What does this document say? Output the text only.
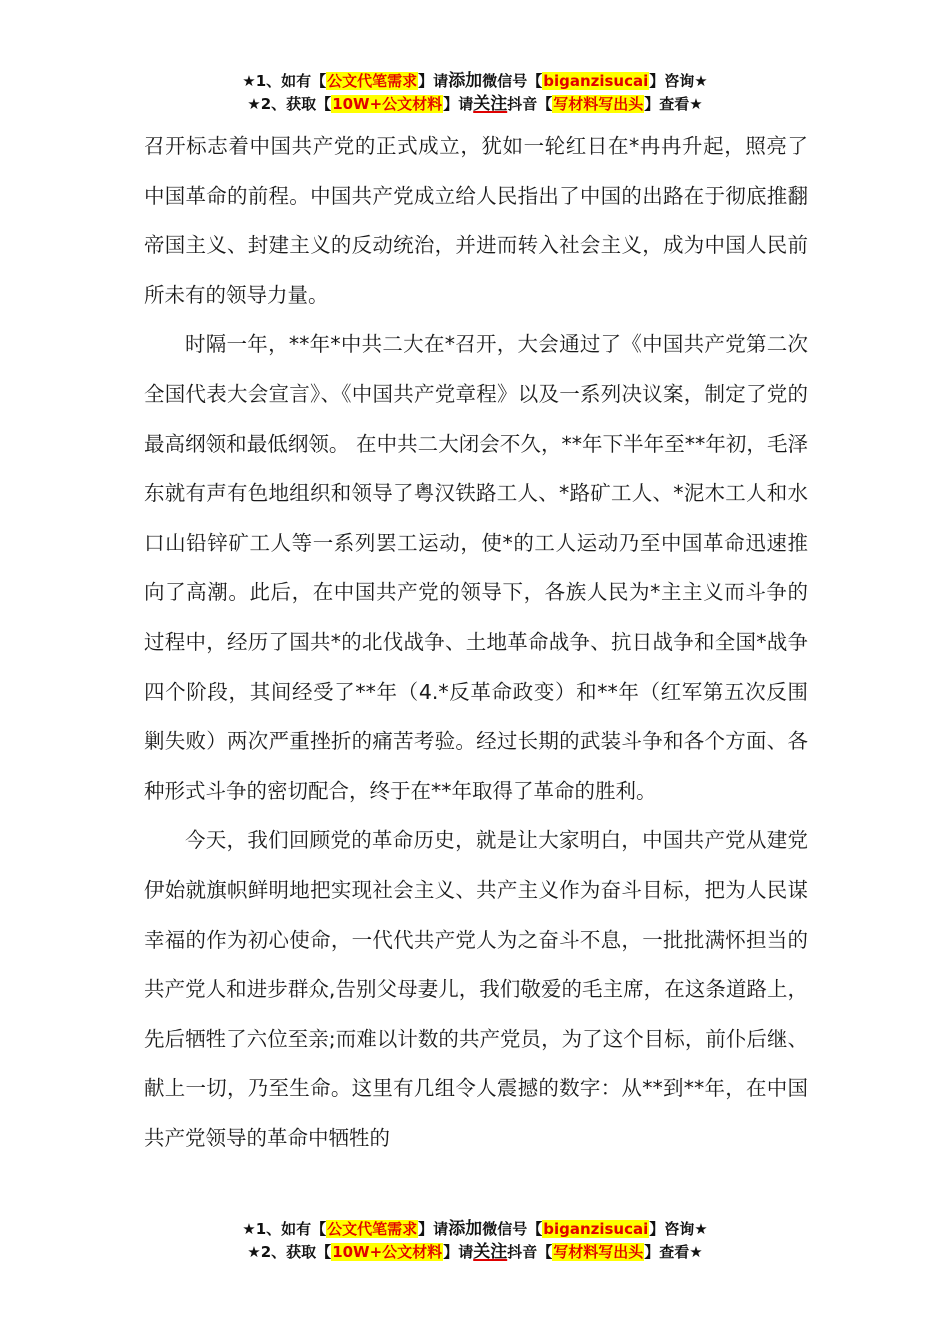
★1、如有【公文代笔需求】请添加微信号【biganzisucai】咨询★
★2、获取【10W+公文材料】请关注抖音【写材料写出头】查看★

召开标志着中国共产党的正式成立，犹如一轮红日在*冉冉升起，照亮了中国革命的前程。中国共产党成立给人民指出了中国的出路在于彻底推翻帝国主义、封建主义的反动统治，并进而转入社会主义，成为中国人民前所未有的领导力量。

时隔一年，**年*中共二大在*召开，大会通过了《中国共产党第二次全国代表大会宣言》、《中国共产党章程》以及一系列决议案，制定了党的最高纲领和最低纲领。 在中共二大闭会不久，**年下半年至**年初，毛泽东就有声有色地组织和领导了粤汉铁路工人、*路矿工人、*泥木工人和水口山铅锌矿工人等一系列罢工运动，使*的工人运动乃至中国革命迅速推向了高潮。此后，在中国共产党的领导下，各族人民为*主主义而斗争的过程中，经历了国共*的北伐战争、土地革命战争、抗日战争和全国*战争四个阶段，其间经受了**年（4.*反革命政变）和**年（红军第五次反围剿失败）两次严重挫折的痛苦考验。经过长期的武装斗争和各个方面、各种形式斗争的密切配合，终于在**年取得了革命的胜利。

今天，我们回顾党的革命历史，就是让大家明白，中国共产党从建党伊始就旗帜鲜明地把实现社会主义、共产主义作为奋斗目标，把为人民谋幸福的作为初心使命，一代代共产党人为之奋斗不息，一批批满怀担当的共产党人和进步群众,告别父母妻儿，我们敬爱的毛主席，在这条道路上，先后牺牲了六位至亲;而难以计数的共产党员，为了这个目标，前仆后继、献上一切，乃至生命。这里有几组令人震撼的数字：从**到**年，在中国共产党领导的革命中牺牲的

★1、如有【公文代笔需求】请添加微信号【biganzisucai】咨询★
★2、获取【10W+公文材料】请关注抖音【写材料写出头】查看★
